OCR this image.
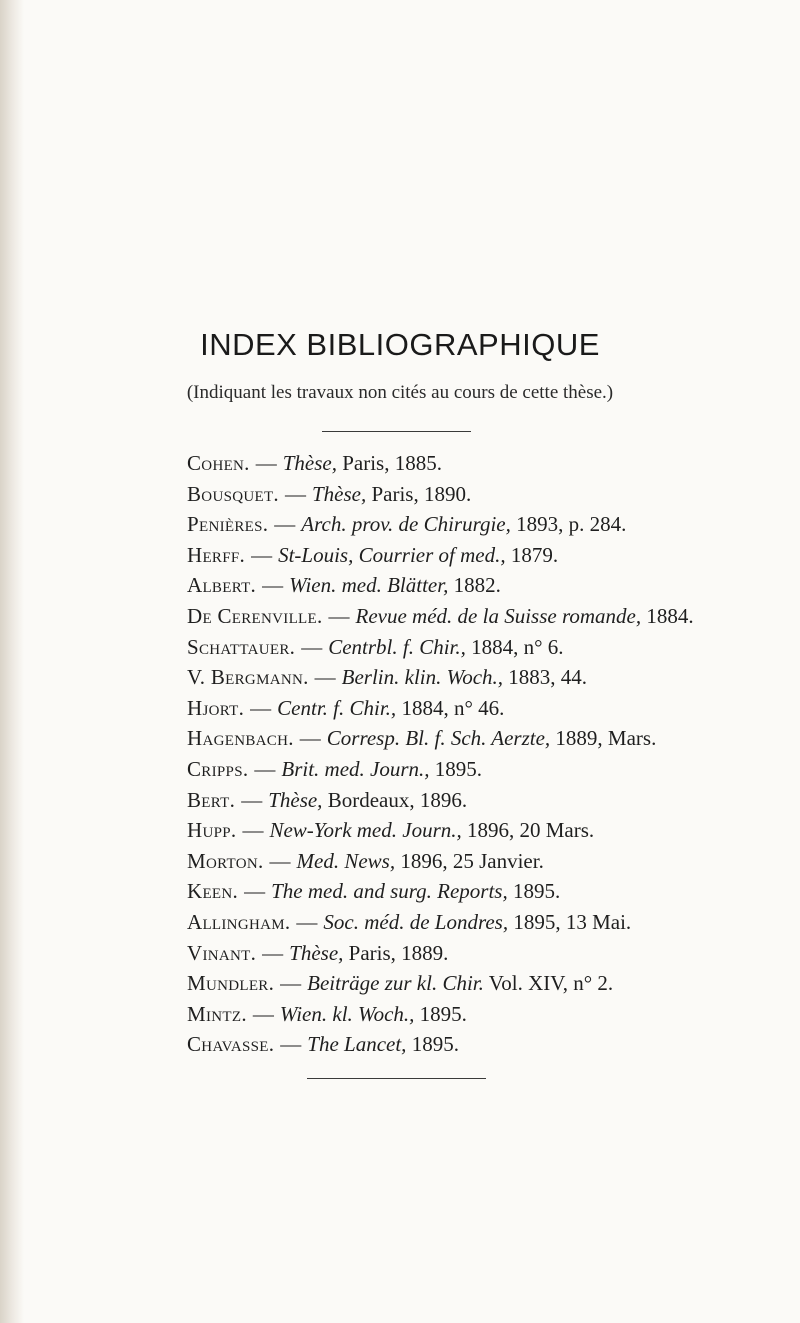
INDEX BIBLIOGRAPHIQUE
(Indiquant les travaux non cités au cours de cette thèse.)
Cohen. — Thèse, Paris, 1885.
Bousquet. — Thèse, Paris, 1890.
Penières. — Arch. prov. de Chirurgie, 1893, p. 284.
Herff. — St-Louis, Courrier of med., 1879.
Albert. — Wien. med. Blätter, 1882.
De Cerenville. — Revue méd. de la Suisse romande, 1884.
Schattauer. — Centrbl. f. Chir., 1884, n° 6.
V. Bergmann. — Berlin. klin. Woch., 1883, 44.
Hjort. — Centr. f. Chir., 1884, n° 46.
Hagenbach. — Corresp. Bl. f. Sch. Aerzte, 1889, Mars.
Cripps. — Brit. med. Journ., 1895.
Bert. — Thèse, Bordeaux, 1896.
Hupp. — New-York med. Journ., 1896, 20 Mars.
Morton. — Med. News, 1896, 25 Janvier.
Keen. — The med. and surg. Reports, 1895.
Allingham. — Soc. méd. de Londres, 1895, 13 Mai.
Vinant. — Thèse, Paris, 1889.
Mundler. — Beiträge zur kl. Chir. Vol. XIV, n° 2.
Mintz. — Wien. kl. Woch., 1895.
Chavasse. — The Lancet, 1895.
